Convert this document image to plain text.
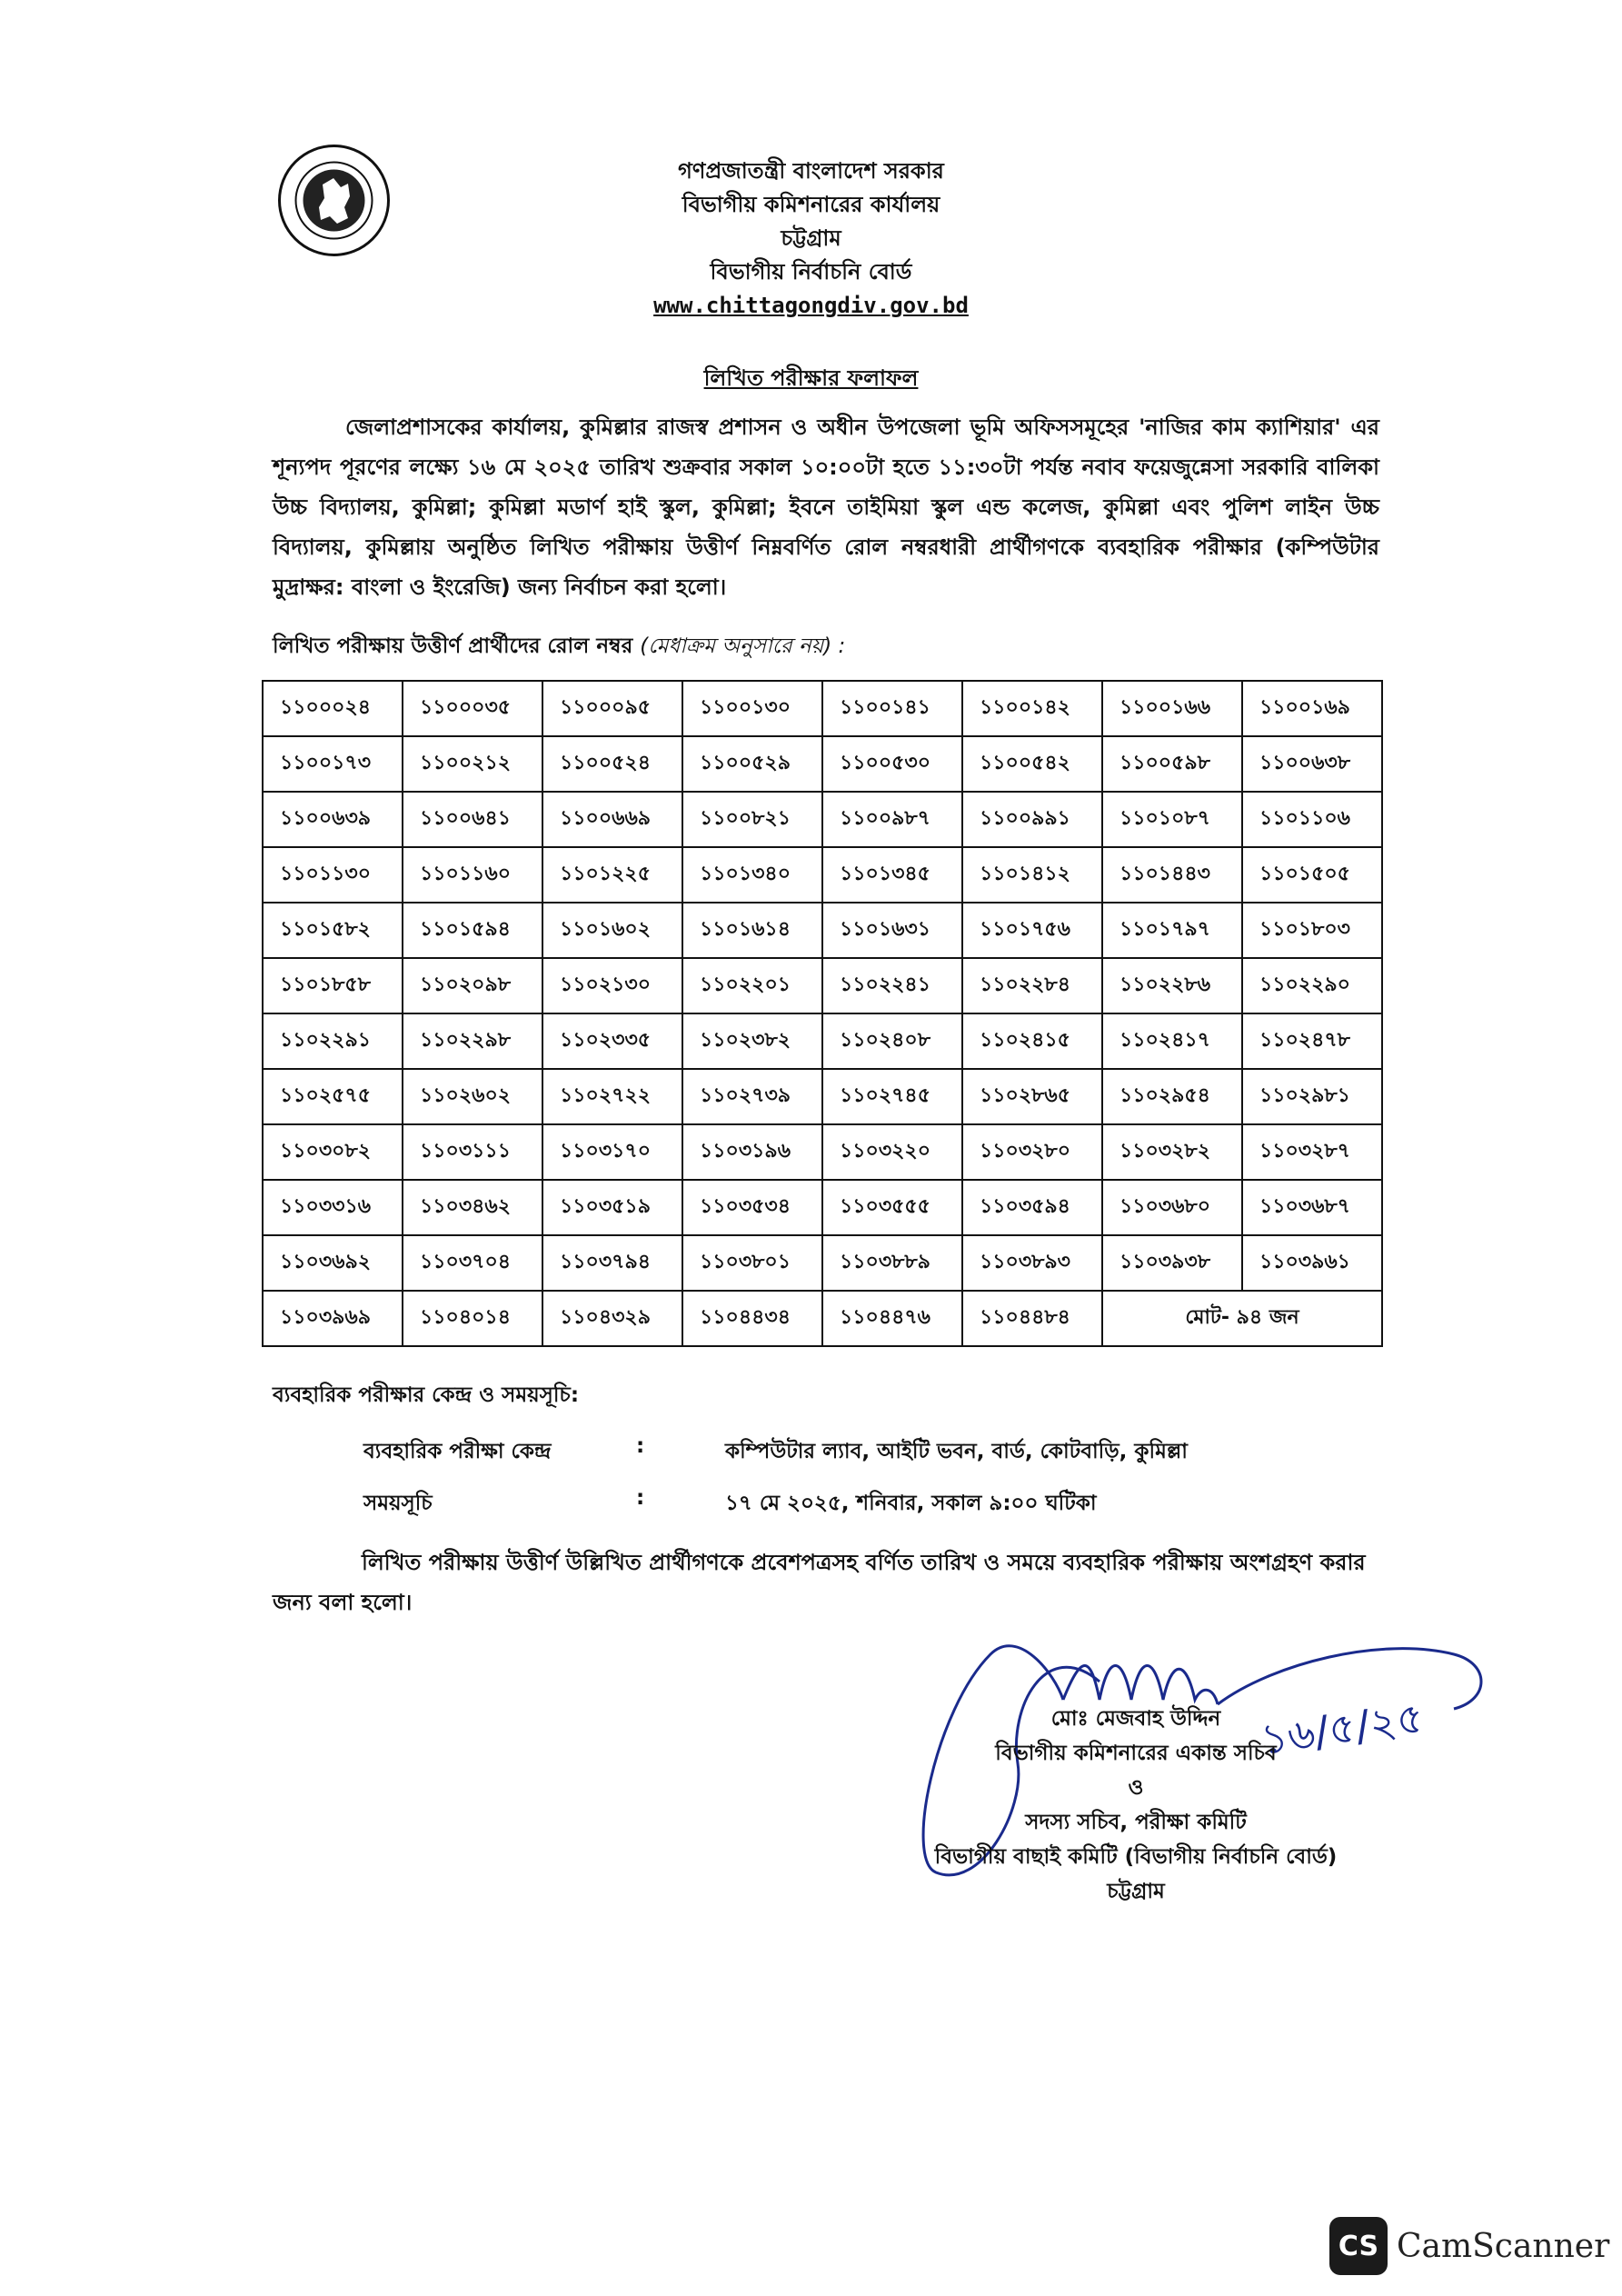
গণপ্রজাতন্ত্রী বাংলাদেশ সরকার
বিভাগীয় কমিশনারের কার্যালয়
চট্টগ্রাম
বিভাগীয় নির্বাচনি বোর্ড
www.chittagongdiv.gov.bd
লিখিত পরীক্ষার ফলাফল
জেলাপ্রশাসকের কার্যালয়, কুমিল্লার রাজস্ব প্রশাসন ও অধীন উপজেলা ভূমি অফিসসমূহের 'নাজির কাম ক্যাশিয়ার' এর শূন্যপদ পূরণের লক্ষ্যে ১৬ মে ২০২৫ তারিখ শুক্রবার সকাল ১০:০০টা হতে ১১:৩০টা পর্যন্ত নবাব ফয়েজুন্নেসা সরকারি বালিকা উচ্চ বিদ্যালয়, কুমিল্লা; কুমিল্লা মডার্ণ হাই স্কুল, কুমিল্লা; ইবনে তাইমিয়া স্কুল এন্ড কলেজ, কুমিল্লা এবং পুলিশ লাইন উচ্চ বিদ্যালয়, কুমিল্লায় অনুষ্ঠিত লিখিত পরীক্ষায় উত্তীর্ণ নিম্নবর্ণিত রোল নম্বরধারী প্রার্থীগণকে ব্যবহারিক পরীক্ষার (কম্পিউটার মুদ্রাক্ষর: বাংলা ও ইংরেজি) জন্য নির্বাচন করা হলো।
লিখিত পরীক্ষায় উত্তীর্ণ প্রার্থীদের রোল নম্বর (মেধাক্রম অনুসারে নয়) :
১১০০০২৪	১১০০০৩৫	১১০০০৯৫	১১০০১৩০	১১০০১৪১	১১০০১৪২	১১০০১৬৬	১১০০১৬৯
১১০০১৭৩	১১০০২১২	১১০০৫২৪	১১০০৫২৯	১১০০৫৩০	১১০০৫৪২	১১০০৫৯৮	১১০০৬৩৮
১১০০৬৩৯	১১০০৬৪১	১১০০৬৬৯	১১০০৮২১	১১০০৯৮৭	১১০০৯৯১	১১০১০৮৭	১১০১১০৬
১১০১১৩০	১১০১১৬০	১১০১২২৫	১১০১৩৪০	১১০১৩৪৫	১১০১৪১২	১১০১৪৪৩	১১০১৫০৫
১১০১৫৮২	১১০১৫৯৪	১১০১৬০২	১১০১৬১৪	১১০১৬৩১	১১০১৭৫৬	১১০১৭৯৭	১১০১৮০৩
১১০১৮৫৮	১১০২০৯৮	১১০২১৩০	১১০২২০১	১১০২২৪১	১১০২২৮৪	১১০২২৮৬	১১০২২৯০
১১০২২৯১	১১০২২৯৮	১১০২৩৩৫	১১০২৩৮২	১১০২৪০৮	১১০২৪১৫	১১০২৪১৭	১১০২৪৭৮
১১০২৫৭৫	১১০২৬০২	১১০২৭২২	১১০২৭৩৯	১১০২৭৪৫	১১০২৮৬৫	১১০২৯৫৪	১১০২৯৮১
১১০৩০৮২	১১০৩১১১	১১০৩১৭০	১১০৩১৯৬	১১০৩২২০	১১০৩২৮০	১১০৩২৮২	১১০৩২৮৭
১১০৩৩১৬	১১০৩৪৬২	১১০৩৫১৯	১১০৩৫৩৪	১১০৩৫৫৫	১১০৩৫৯৪	১১০৩৬৮০	১১০৩৬৮৭
১১০৩৬৯২	১১০৩৭০৪	১১০৩৭৯৪	১১০৩৮০১	১১০৩৮৮৯	১১০৩৮৯৩	১১০৩৯৩৮	১১০৩৯৬১
১১০৩৯৬৯	১১০৪০১৪	১১০৪৩২৯	১১০৪৪৩৪	১১০৪৪৭৬	১১০৪৪৮৪	মোট- ৯৪ জন	
ব্যবহারিক পরীক্ষার কেন্দ্র ও সময়সূচি:
ব্যবহারিক পরীক্ষা কেন্দ্র	:	কম্পিউটার ল্যাব, আইটি ভবন, বার্ড, কোটবাড়ি, কুমিল্লা
সময়সূচি	:	১৭ মে ২০২৫, শনিবার, সকাল ৯:০০ ঘটিকা
লিখিত পরীক্ষায় উত্তীর্ণ উল্লিখিত প্রার্থীগণকে প্রবেশপত্রসহ বর্ণিত তারিখ ও সময়ে ব্যবহারিক পরীক্ষায় অংশগ্রহণ করার জন্য বলা হলো।
১৬/৫/২৫
মোঃ মেজবাহ উদ্দিন
বিভাগীয় কমিশনারের একান্ত সচিব
ও
সদস্য সচিব, পরীক্ষা কমিটি
বিভাগীয় বাছাই কমিটি (বিভাগীয় নির্বাচনি বোর্ড)
চট্টগ্রাম
CS CamScanner
